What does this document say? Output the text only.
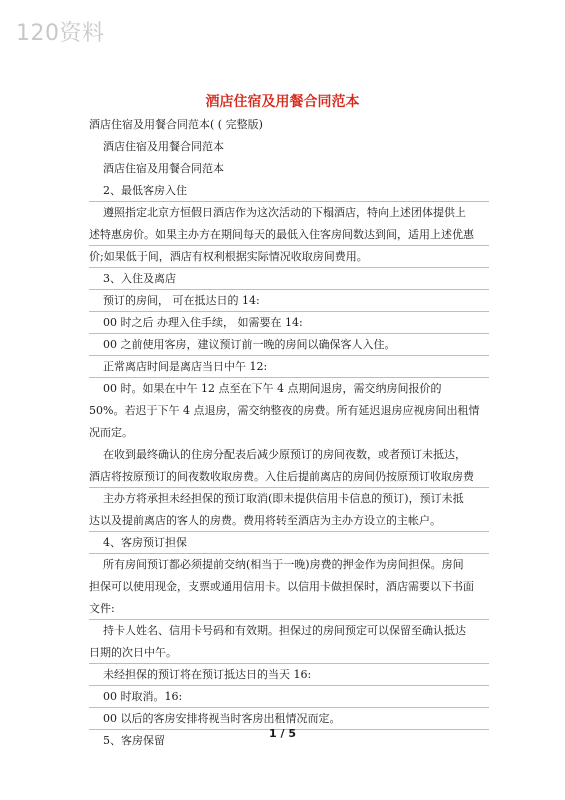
120资料
酒店住宿及用餐合同范本

酒店住宿及用餐合同范本( ( 完整版)

酒店住宿及用餐合同范本

酒店住宿及用餐合同范本

2、最低客房入住

遵照指定北京方恒假日酒店作为这次活动的下榻酒店，特向上述团体提供上

述特惠房价。如果主办方在期间每天的最低入住客房间数达到间，适用上述优惠

价;如果低于间，酒店有权利根据实际情况收取房间费用。

3、入住及离店

预订的房间， 可在抵达日的 14:

00 时之后 办理入住手续， 如需要在 14:

00 之前使用客房，建议预订前一晚的房间以确保客人入住。

正常离店时间是离店当日中午 12:

00 时。如果在中午 12 点至在下午 4 点期间退房，需交纳房间报价的

50%。若迟于下午 4 点退房，需交纳整夜的房费。所有延迟退房应视房间出租情

况而定。

在收到最终确认的住房分配表后减少原预订的房间夜数，或者预订未抵达，

酒店将按原预订的间夜数收取房费。入住后提前离店的房间仍按原预订收取房费

主办方将承担未经担保的预订取消(即未提供信用卡信息的预订)，预订未抵

达以及提前离店的客人的房费。费用将转至酒店为主办方设立的主帐户。

4、客房预订担保

所有房间预订都必须提前交纳(相当于一晚)房费的押金作为房间担保。房间

担保可以使用现金，支票或通用信用卡。以信用卡做担保时，酒店需要以下书面

文件:

持卡人姓名、信用卡号码和有效期。担保过的房间预定可以保留至确认抵达

日期的次日中午。

未经担保的预订将在预订抵达日的当天 16:

00 时取消。16:

00 以后的客房安排将视当时客房出租情况而定。

5、客房保留

1 / 5
